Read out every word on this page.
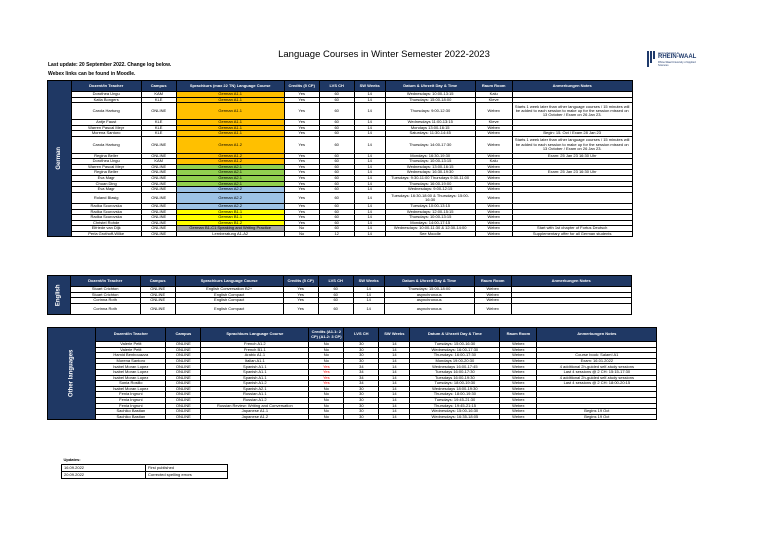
Language Courses in Winter Semester 2022-2023
Last update: 20 September 2022. Change log below.
Webex links can be found in Moodle.
HOCHSCHULE
RHEIN-WAAL
Rhine-Waal University of Applied Sciences
German	Dozent/in Teacher	Campus	Sprachkurs (max 22 TN) Language Course	Credits (5 CP)	LVS CH	SW Weeks	Datum & Uhrzeit Day & Time	Raum Room	Anmerkungen Notes
	Dorothea Ungu	KAM	German A1.1	Yes	60	14	Wednesdays: 10:00-13:15	Kalu	
	Katia Bongers	KLE	German A1.1	Yes	60	14	Thursdays: 15:00-18:00	Kleve	
	Carola Hartung	ONLINE	German A1.1	Yes	60	14	Thursdays: 9:00-12:30	Webex	Starts 1 week later than other language courses / 15 minutes will be added to each session to make up for the session missed on 13 October / Exam on 26 Jan 23.
	Antje Faust	KLE	German A1.1	Yes	60	14	Wednesdays 11:00-13:15	Kleve	
	Warren Pascal Meyr	KLE	German A1.1	Yes	60	14	Mondays 13:00-16:15	Webex	
	Morena Santoro	KLE	German A1.1	Yes	60	14	Saturdays: 11:30-14:45	Webex	Begin: 15. Oct / Exam 28 Jan 23
	Carola Hartung	ONLINE	German A1.2	Yes	60	14	Thursdays: 14:00-17:30	Webex	Starts 1 week later than other language courses / 15 minutes will be added to each session to make up for the session missed on 13 October / Exam on 26 Jan 23.
	Regina Beller	ONLINE	German A1.2	Yes	60	14	Mondays: 16:30-19:30	Webex	Exam: 25 Jan 23 16:30 Uhr
	Dorothea Ungu	KAM	German A1.2	Yes	60	14	Thursdays: 10:00-13:15	Kalu	
	Warren Pascal Meyr	ONLINE	German A2.1	Yes	60	14	Wednesdays: 13:00-16:15	Webex	
	Regina Beller	ONLINE	German A2.1	Yes	60	14	Wednesdays: 16:30-19:30	Webex	Exam: 25 Jan 23 16:30 Uhr
	Eva Magr	ONLINE	German A2.1	Yes	60	14	Tuesdays: 9:30-11:00 Thursdays 9:30-11:00	Webex	
	Chuan Ding	ONLINE	German A2.1	Yes	60	14	Thursdays: 16:00-19:00	Webex	
	Eva Magr	ONLINE	German A2.2	Yes	60	14	Wednesdays: 9:00-12:15	Webex	
	Roland Blasig	ONLINE	German A2.2	Yes	60	14	Tuesdays: 16:30-18:00 & Thursdays: 15:00-16:30	Webex	
	Radka Scurovska	ONLINE	German A2.2	Yes	60	14	Tuesdays 10:00-13:15	Webex	
	Radka Scurovska	ONLINE	German B1.1	Yes	60	14	Wednesdays: 12:00-15:15	Webex	
	Radka Scurovska	ONLINE	German B1.1	Yes	60	14	Thursdays: 10:00-13:15	Webex	
	Christel Rohde	ONLINE	German B1.2	Yes	60	14	Mondays: 14:00-17:15	Webex	
	Elfriede van Dijk	ONLINE	German B1-C1 Speaking and Writing Practice	No	60	14	Wednesdays: 10:00-11:30 & 12:30-14:00	Webex	Start with 1st chapter of Fortus Deutsch
	Perla Grothoff-Wilke	ONLINE	Lernberatung A1-A2	No	12	14	See Moodle	Webex	Supplementary offer for all German students
English	Dozent/in Teacher	Campus	Sprachkurs Language Course	Credits (5 CP)	LVS CH	SW Weeks	Datum & Uhrzeit Day & Time	Raum Room	Anmerkungen Notes
	Stuart Crichton	ONLINE	English Conversation B2+	Yes	60	14	Thursdays: 15:00-18:00	Webex	
	Stuart Crichton	ONLINE	English Compact	Yes	60	14	asynchronous	Webex	
	Corinna Roth	ONLINE	English Compact	Yes	60	14	asynchronous	Webex	
	Corinna Roth	ONLINE	English Compact	Yes	60	14	asynchronous	Webex	
Other languages	Dozent/in Teacher	Campus	Sprachkurs Language Course	Credits (A1.1: 2 CP) (A1.2: 3 CP)	LVS CH	SW Weeks	Datum & Uhrzeit Day & Time	Raum Room	Anmerkungen Notes
	Valerie Petit	ONLINE	French A1.2	No	30	14	Tuesdays: 15:00-16:30	Webex	
	Valerie Petit	ONLINE	French B1.1	No	30	14	Wednesdays: 16:00-17:30	Webex	
	Hamid Benbouazza	ONLINE	Arabic A1.1	No	30	14	Thursdays: 16:00-17:30	Webex	Course book: Salam! A1
	Morena Santoro	ONLINE	Italian A1.1	No	30	14	Mondays 19:00-20:30	Webex	Exam: 16.01.2022
	Isabel Moran Lopez	ONLINE	Spanish A1.1	Yes	34	14	Wednesdays 16:00-17:45	Webex	4 additional 2h-guided self-study sessions
	Isabel Moran Lopez	ONLINE	Spanish A1.1	Yes	34	14	Tuesdays 16:00-17:30	Webex	Last 4 sessions @ 2 CH: 15:15-17:30
	Isabel Moran Lopez	ONLINE	Spanish A1.1	Yes	34	14	Tuesdays 16:00-19:30	Webex	4 additional 2h-guided self-study sessions
	Sonia Rosillo	ONLINE	Spanish A1.2	Yes	34	14	Tuesdays: 18:00-19:30	Webex	Last 4 sessions @ 2 CH: 18:00-20:15
	Isabel Moran Lopez	ONLINE	Spanish A2.1	No	30	14	Wednesdays 18:00-19:30	Webex	
	Fenia Ingruni	ONLINE	Russian A1.1	No	30	14	Thursdays: 18:00-19:30	Webex	
	Fenia Ingruni	ONLINE	Russian A1.2	No	30	14	Tuesdays: 19:45-21:30	Webex	
	Fenia Ingruni	ONLINE	Russian Review: Writing and Conversation	No	30	14	Thursdays: 19:45-21:15	Webex	
	Sachiko Bastian	ONLINE	Japanese A1.1	No	30	14	Wednesdays: 15:00-16:30	Webex	Begins 19 Oct
	Sachiko Bastian	ONLINE	Japanese A1.2	No	30	14	Wednesdays: 16:35-18:05	Webex	Begins 19 Oct
Updates:	
16.09.2022	First published
20.09.2022	Corrected spelling errors
